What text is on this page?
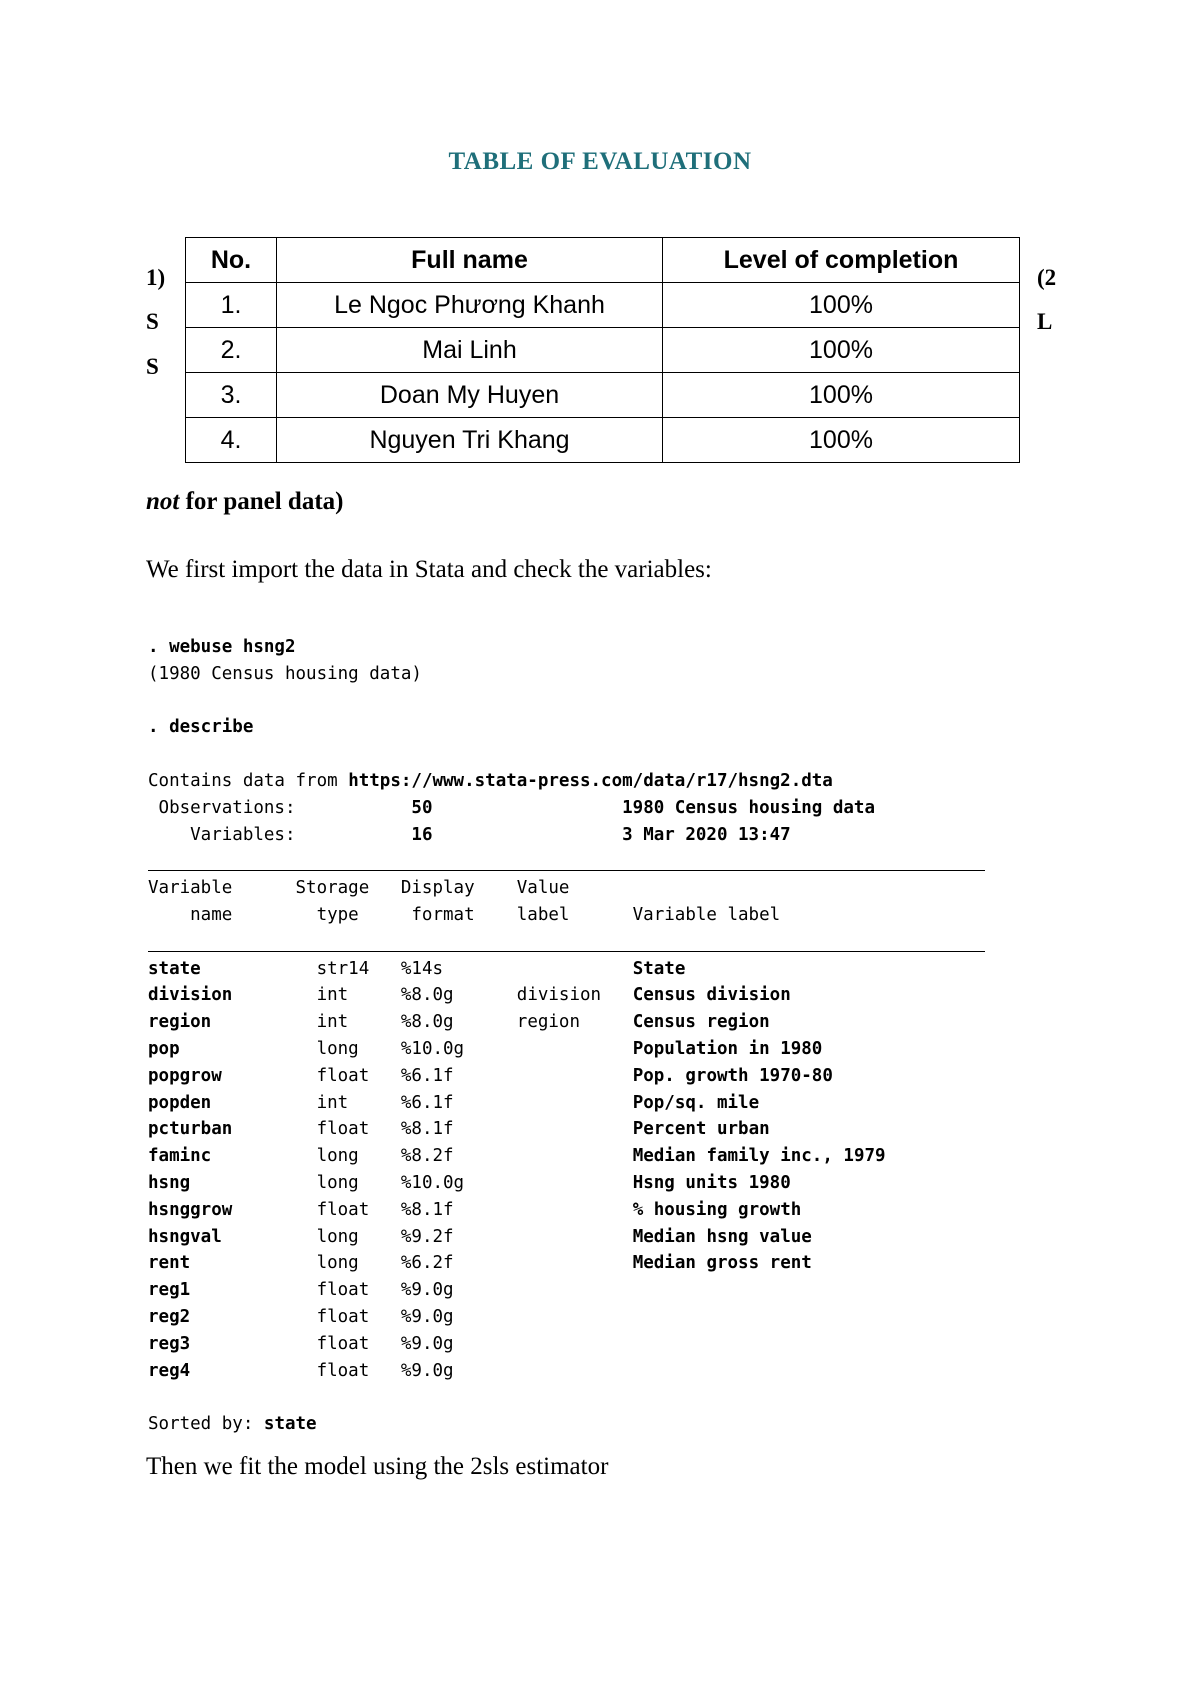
TABLE OF EVALUATION
1)
S
S
(2
L
No.	Full name	Level of completion
1.	Le Ngoc Phương Khanh	100%
2.	Mai Linh	100%
3.	Doan My Huyen	100%
4.	Nguyen Tri Khang	100%
not for panel data)
We first import the data in Stata and check the variables:
. webuse hsng2
(1980 Census housing data)

. describe

Contains data from https://www.stata-press.com/data/r17/hsng2.dta
Observations:           50                  1980 Census housing data
Variables:           16                  3 Mar 2020 13:47

Variable      Storage   Display    Value
name        type     format    label      Variable label

state           str14   %14s	State
division        int     %8.0g      division   Census division
region          int     %8.0g      region     Census region
pop             long    %10.0g	Population in 1980
popgrow         float   %6.1f	Pop. growth 1970-80
popden          int     %6.1f	Pop/sq. mile
pcturban        float   %8.1f	Percent urban
faminc          long    %8.2f	Median family inc., 1979
hsng            long    %10.0g	Hsng units 1980
hsnggrow        float   %8.1f	% housing growth
hsngval         long    %9.2f	Median hsng value
rent            long    %6.2f	Median gross rent
reg1            float   %9.0g
reg2            float   %9.0g
reg3            float   %9.0g
reg4            float   %9.0g

Sorted by: state
Then we fit the model using the 2sls estimator
